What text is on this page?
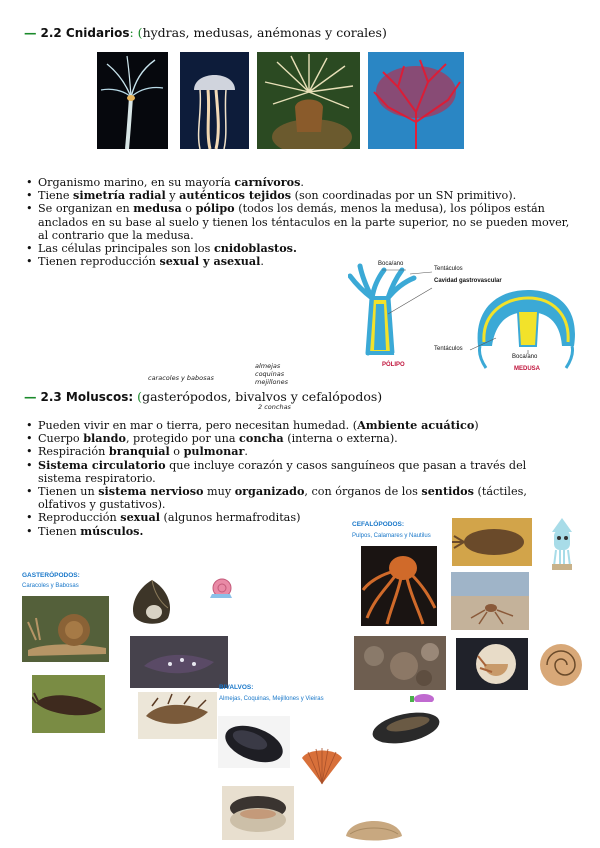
— 2.2 Cnidarios: (hydras, medusas, anémonas y corales)
• Organismo marino, en su mayoría carnívoros.
• Tiene simetría radial y auténticos tejidos (son coordinadas por un SN primitivo).
• Se organizan en medusa o pólipo (todos los demás, menos la medusa), los pólipos están anclados en su base al suelo y tienen los téntaculos en la parte superior, no se pueden mover, al contrario que la medusa.
• Las células principales son los cnidoblastos.
• Tienen reproducción sexual y asexual.	Boca/ano
Tentáculos
Cavidad gastrovascular
Tentáculos
Boca/ano
PÓLIPO
MEDUSA
caracoles y babosas
almejas coquinas mejillones
2 conchas
— 2.3 Moluscos: (gasterópodos, bivalvos y cefalópodos)
• Pueden vivir en mar o tierra, pero necesitan humedad. (Ambiente acuático)
• Cuerpo blando, protegido por una concha (interna o externa).
• Respiración branquial o pulmonar.
• Sistema circulatorio que incluye corazón y casos sanguíneos que pasan a través del sistema respiratorio.
• Tienen un sistema nervioso muy organizado, con órganos de los sentidos (táctiles, olfativos y gustativos).
• Reproducción sexual (algunos hermafroditas)
• Tienen músculos.
GASTERÓPODOS:
Caracoles y Babosas
BIVALVOS:
Almejas, Coquinas, Mejillones y Vieiras
CEFALÓPODOS:
Pulpos, Calamares y Nautilus
